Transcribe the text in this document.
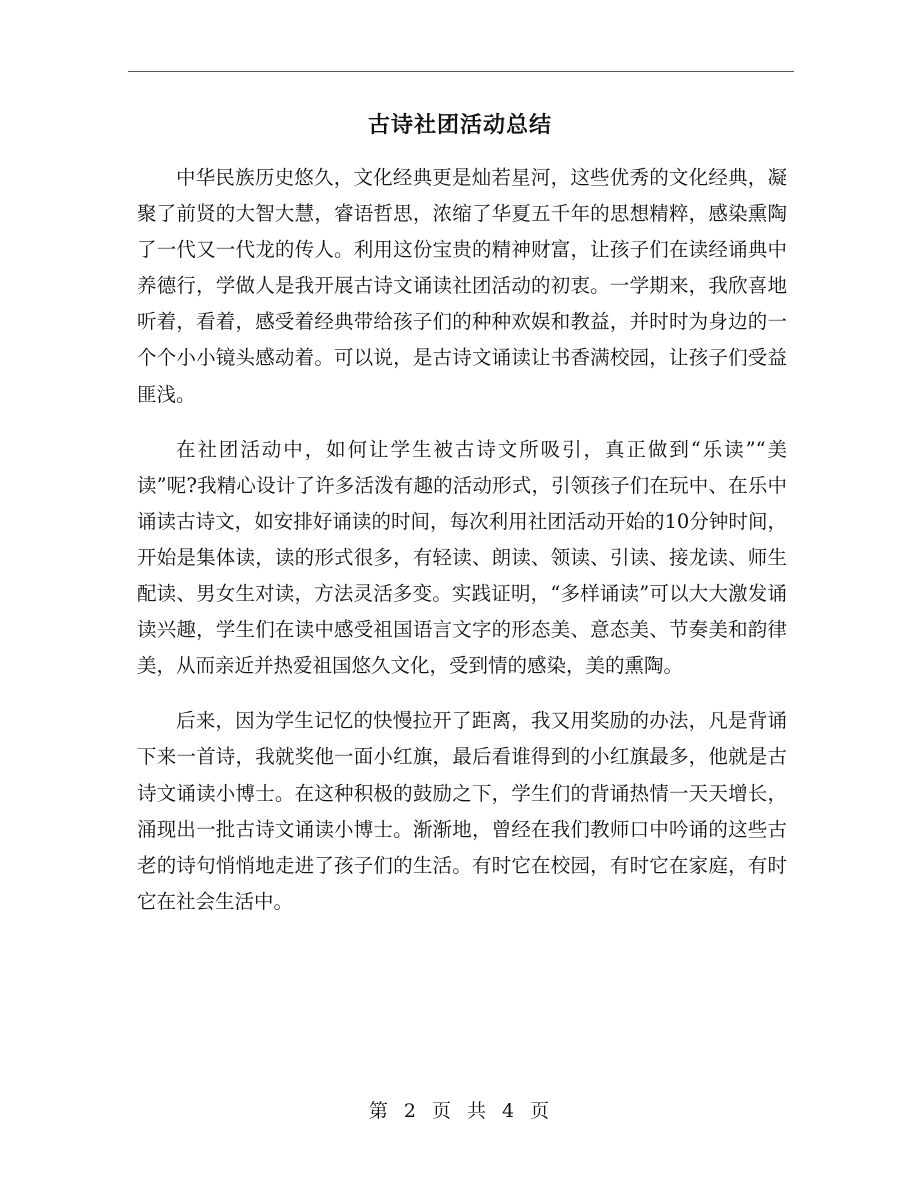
古诗社团活动总结

中华民族历史悠久，文化经典更是灿若星河，这些优秀的文化经典，凝聚了前贤的大智大慧，睿语哲思，浓缩了华夏五千年的思想精粹，感染熏陶了一代又一代龙的传人。利用这份宝贵的精神财富，让孩子们在读经诵典中养德行，学做人是我开展古诗文诵读社团活动的初衷。一学期来，我欣喜地听着，看着，感受着经典带给孩子们的种种欢娱和教益，并时时为身边的一个个小小镜头感动着。可以说，是古诗文诵读让书香满校园，让孩子们受益匪浅。

在社团活动中，如何让学生被古诗文所吸引，真正做到“乐读”“美读”呢?我精心设计了许多活泼有趣的活动形式，引领孩子们在玩中、在乐中诵读古诗文，如安排好诵读的时间，每次利用社团活动开始的10分钟时间，开始是集体读，读的形式很多，有轻读、朗读、领读、引读、接龙读、师生配读、男女生对读，方法灵活多变。实践证明，“多样诵读”可以大大激发诵读兴趣，学生们在读中感受祖国语言文字的形态美、意态美、节奏美和韵律美，从而亲近并热爱祖国悠久文化，受到情的感染，美的熏陶。

后来，因为学生记忆的快慢拉开了距离，我又用奖励的办法，凡是背诵下来一首诗，我就奖他一面小红旗，最后看谁得到的小红旗最多，他就是古诗文诵读小博士。在这种积极的鼓励之下，学生们的背诵热情一天天增长，涌现出一批古诗文诵读小博士。渐渐地，曾经在我们教师口中吟诵的这些古老的诗句悄悄地走进了孩子们的生活。有时它在校园，有时它在家庭，有时它在社会生活中。

第 2 页 共 4 页
